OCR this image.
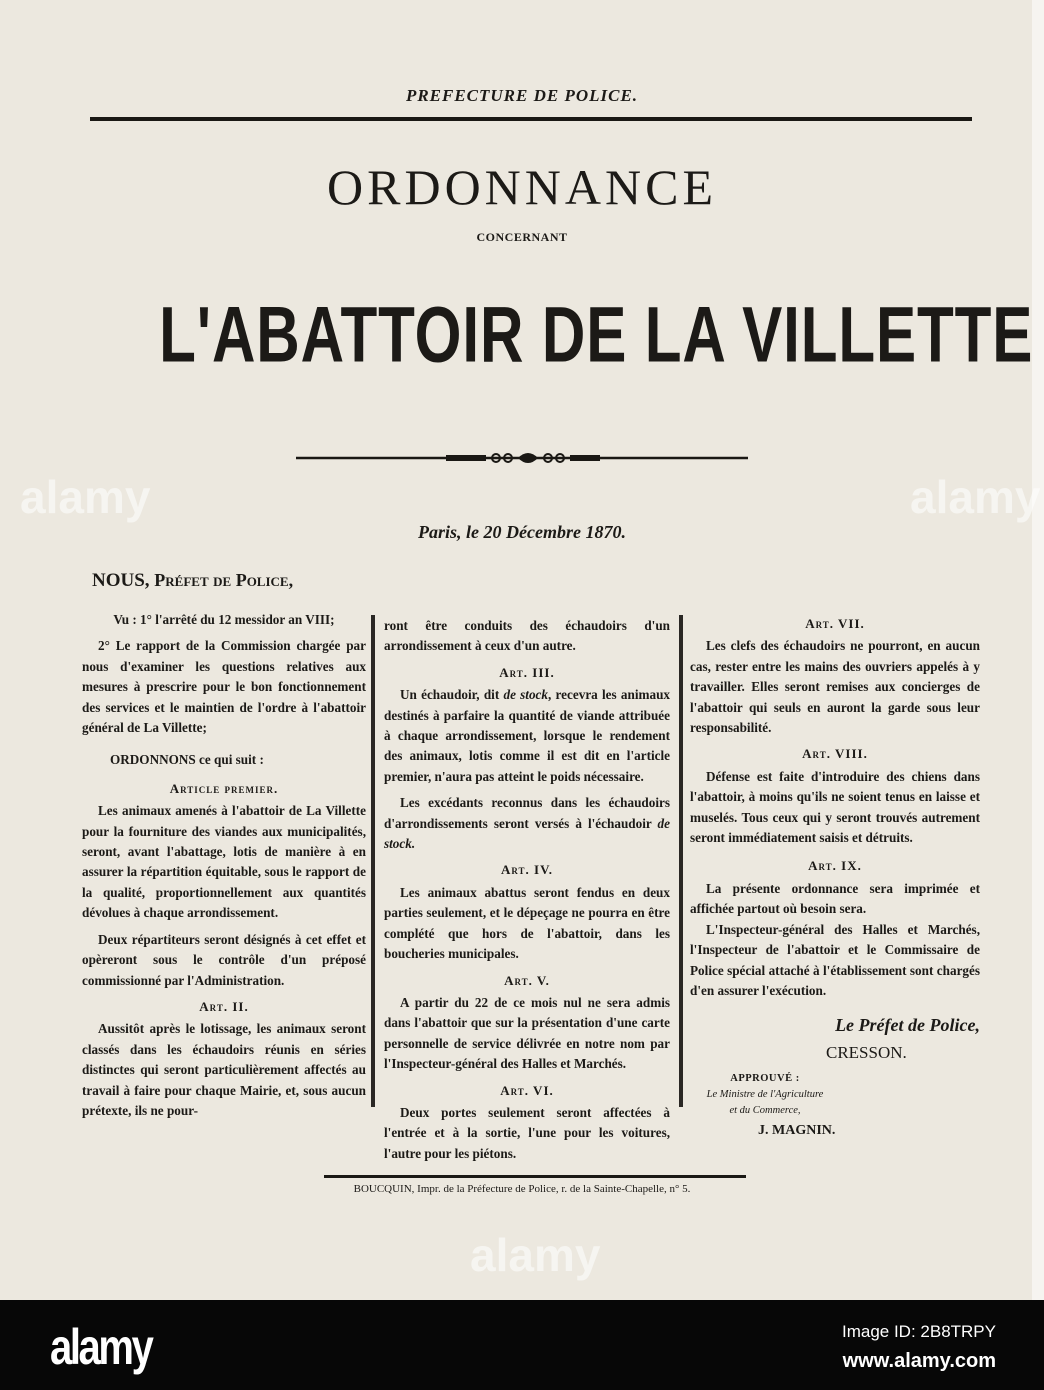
PREFECTURE DE POLICE.
ORDONNANCE
CONCERNANT
L'ABATTOIR DE LA VILLETTE
Paris, le 20 Décembre 1870.
NOUS, Préfet de Police,

Vu : 1° l'arrêté du 12 messidor an VIII;

2° Le rapport de la Commission chargée par nous d'examiner les questions relatives aux mesures à prescrire pour le bon fonctionnement des services et le maintien de l'ordre à l'abattoir général de La Villette;

ORDONNONS ce qui suit :

Article premier.

Les animaux amenés à l'abattoir de La Villette pour la fourniture des viandes aux municipalités, seront, avant l'abattage, lotis de manière à en assurer la répartition équitable, sous le rapport de la qualité, proportionnellement aux quantités dévolues à chaque arrondissement.

Deux répartiteurs seront désignés à cet effet et opèreront sous le contrôle d'un préposé commissionné par l'Administration.

Art. II.

Aussitôt après le lotissage, les animaux seront classés dans les échaudoirs réunis en séries distinctes qui seront particulièrement affectés au travail à faire pour chaque Mairie, et, sous aucun prétexte, ils ne pour-

ront être conduits des échaudoirs d'un arrondissement à ceux d'un autre.

Art. III.

Un échaudoir, dit de stock, recevra les animaux destinés à parfaire la quantité de viande attribuée à chaque arrondissement, lorsque le rendement des animaux, lotis comme il est dit en l'article premier, n'aura pas atteint le poids nécessaire.

Les excédants reconnus dans les échaudoirs d'arrondissements seront versés à l'échaudoir de stock.

Art. IV.

Les animaux abattus seront fendus en deux parties seulement, et le dépeçage ne pourra en être complété que hors de l'abattoir, dans les boucheries municipales.

Art. V.

A partir du 22 de ce mois nul ne sera admis dans l'abattoir que sur la présentation d'une carte personnelle de service délivrée en notre nom par l'Inspecteur-général des Halles et Marchés.

Art. VI.

Deux portes seulement seront affectées à l'entrée et à la sortie, l'une pour les voitures, l'autre pour les piétons.

Art. VII.

Les clefs des échaudoirs ne pourront, en aucun cas, rester entre les mains des ouvriers appelés à y travailler. Elles seront remises aux concierges de l'abattoir qui seuls en auront la garde sous leur responsabilité.

Art. VIII.

Défense est faite d'introduire des chiens dans l'abattoir, à moins qu'ils ne soient tenus en laisse et muselés. Tous ceux qui y seront trouvés autrement seront immédiatement saisis et détruits.

Art. IX.

La présente ordonnance sera imprimée et affichée partout où besoin sera.

L'Inspecteur-général des Halles et Marchés, l'Inspecteur de l'abattoir et le Commissaire de Police spécial attaché à l'établissement sont chargés d'en assurer l'exécution.

Le Préfet de Police,
CRESSON.
APPROUVÉ :
Le Ministre de l'Agriculture
et du Commerce,
J. MAGNIN.
BOUCQUIN, Impr. de la Préfecture de Police, r. de la Sainte-Chapelle, n° 5.
alamy
alamy
alamy
alamy	Image ID: 2B8TRPY
www.alamy.com
